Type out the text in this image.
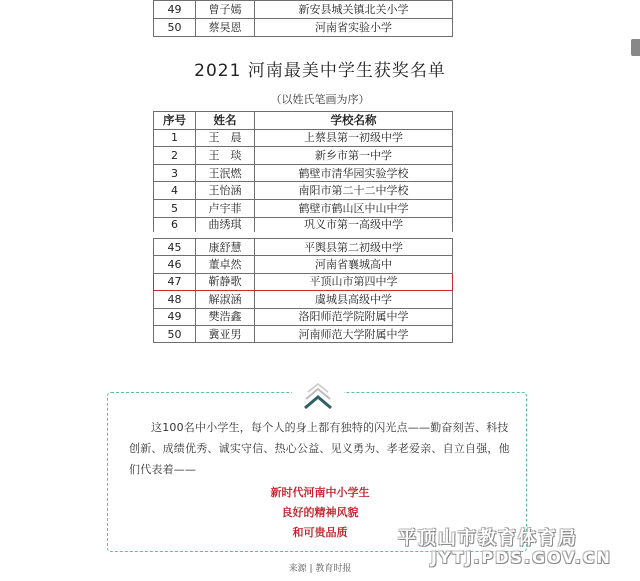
49	曾子嫣	新安县城关镇北关小学
50	蔡昊恩	河南省实验小学
2021 河南最美中学生获奖名单
（以姓氏笔画为序）
序号	姓名	学校名称
1	王　晨	上蔡县第一初级中学
2	王　琰	新乡市第一中学
3	王泯燃	鹤壁市清华园实验学校
4	王怡涵	南阳市第二十二中学校
5	卢宇菲	鹤壁市鹤山区中山中学
6	曲绣琪	巩义市第一高级中学
45	康舒慧	平舆县第二初级中学
46	董卓然	河南省襄城高中
47	靳静歌	平顶山市第四中学
48	解淑涵	虞城县高级中学
49	樊浩鑫	洛阳师范学院附属中学
50	冀亚男	河南师范大学附属中学
这100名中小学生，每个人的身上都有独特的闪光点——勤奋刻苦、科技创新、成绩优秀、诚实守信、热心公益、见义勇为、孝老爱亲、自立自强，他们代表着——
新时代河南中小学生
良好的精神风貌
和可贵品质	平顶山市教育体育局
JYTJ.PDS.GOV.CN
来源 | 教育时报
